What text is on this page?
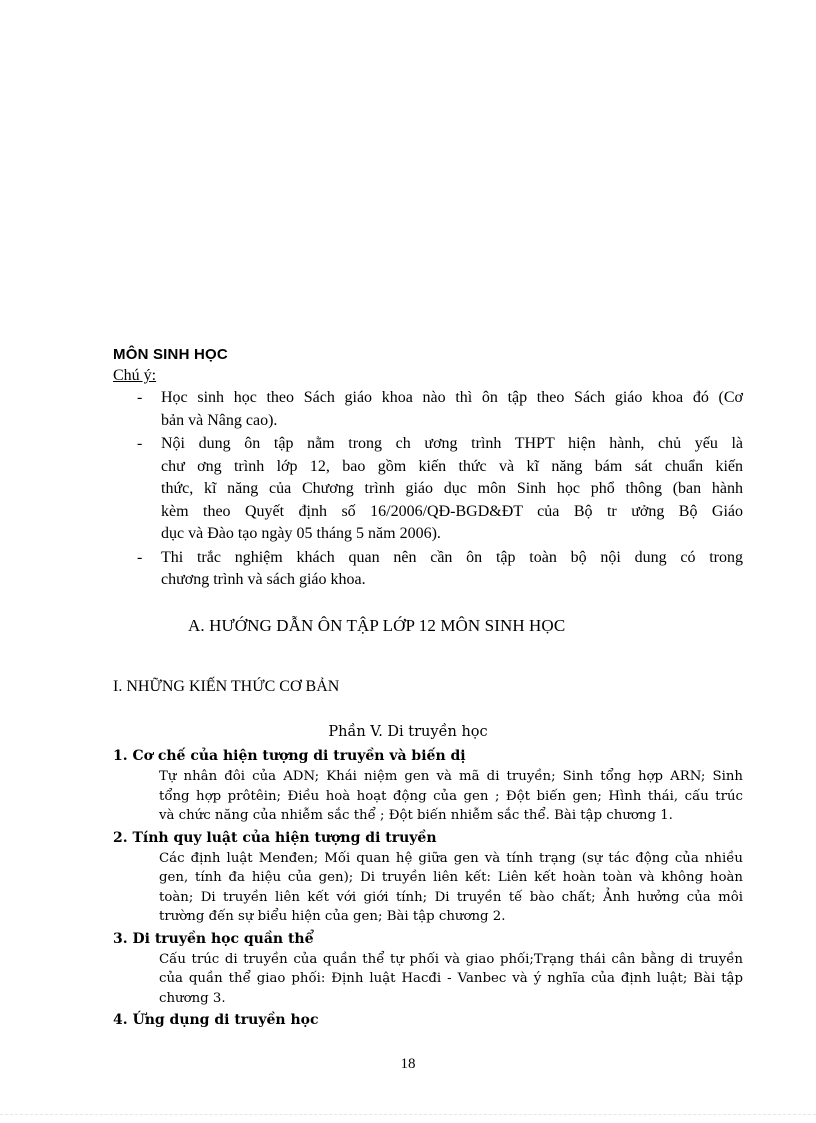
MÔN SINH HỌC
Chú ý:
- Học sinh học theo Sách giáo khoa nào thì ôn tập theo Sách giáo khoa đó (Cơ
bản và Nâng cao).
- Nội dung ôn tập nằm trong ch ương trình THPT hiện hành, chủ yếu là
chư ơng trình lớp 12, bao gồm kiến thức và kĩ năng bám sát chuẩn kiến
thức, kĩ năng của Chương trình giáo dục môn Sinh học phổ thông (ban hành
kèm theo Quyết định số 16/2006/QĐ-BGD&ĐT của Bộ tr ưởng Bộ Giáo
dục và Đào tạo ngày 05 tháng 5 năm 2006).
- Thi trắc nghiệm khách quan nên cần ôn tập toàn bộ nội dung có trong
chương trình và sách giáo khoa.
A. HƯỚNG DẪN ÔN TẬP LỚP 12 MÔN SINH HỌC
I. NHỮNG KIẾN THỨC CƠ BẢN
Phần V. Di truyền học
1. Cơ chế của hiện tượng di truyền và biến dị
Tự nhân đôi của ADN; Khái niệm gen và mã di truyền; Sinh tổng hợp ARN; Sinh
tổng hợp prôtêin; Điều hoà hoạt động của gen ; Đột biến gen; Hình thái, cấu trúc
và chức năng của nhiễm sắc thể ; Đột biến nhiễm sắc thể. Bài tập chương 1.
2. Tính quy luật của hiện tượng di truyền
Các định luật Menđen; Mối quan hệ giữa gen và tính trạng (sự tác động của nhiều
gen, tính đa hiệu của gen); Di truyền liên kết: Liên kết hoàn toàn và không hoàn
toàn; Di truyền liên kết với giới tính; Di truyền tế bào chất; Ảnh hưởng của môi
trường đến sự biểu hiện của gen; Bài tập chương 2.
3. Di truyền học quần thể
Cấu trúc di truyền của quần thể tự phối và giao phối;Trạng thái cân bằng di truyền
của quần thể giao phối: Định luật Hacđi - Vanbec và ý nghĩa của định luật; Bài tập
chương 3.
4. Ứng dụng di truyền học
18
